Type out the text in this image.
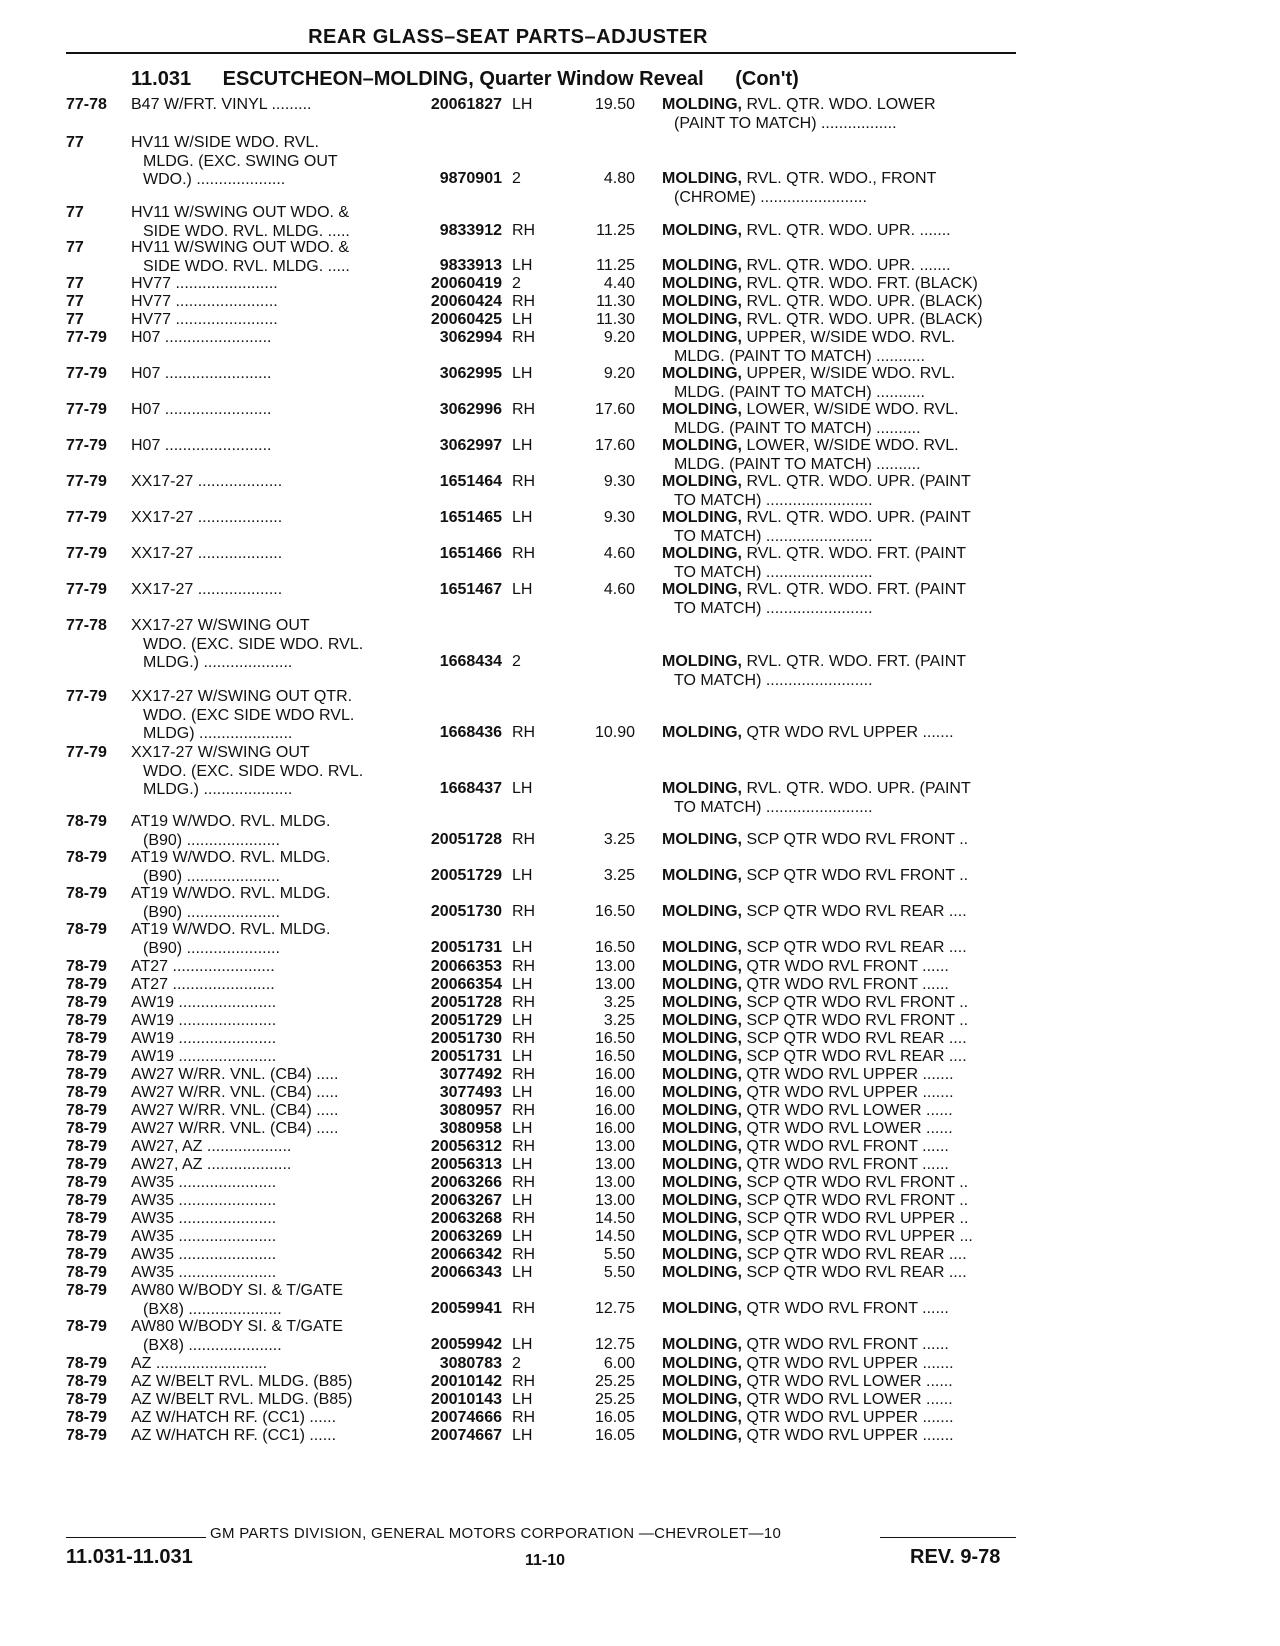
REAR GLASS–SEAT PARTS–ADJUSTER
11.031 ESCUTCHEON–MOLDING, Quarter Window Reveal (Con't)
77-78 B47 W/FRT. VINYL .........	20061827 LH	19.50 MOLDING, RVL. QTR. WDO. LOWER
(PAINT TO MATCH) .................
77	HV11 W/SIDE WDO. RVL.
MLDG. (EXC. SWING OUT
WDO.) ....................	9870901 2	4.80 MOLDING, RVL. QTR. WDO., FRONT
(CHROME) ........................
77	HV11 W/SWING OUT WDO. &
SIDE WDO. RVL. MLDG. .....	9833912 RH	11.25 MOLDING, RVL. QTR. WDO. UPR. .......
77	HV11 W/SWING OUT WDO. &
SIDE WDO. RVL. MLDG. .....	9833913 LH	11.25 MOLDING, RVL. QTR. WDO. UPR. .......
77	HV77 .......................	20060419 2	4.40 MOLDING, RVL. QTR. WDO. FRT. (BLACK)
77	HV77 .......................	20060424 RH	11.30 MOLDING, RVL. QTR. WDO. UPR. (BLACK)
77	HV77 .......................	20060425 LH	11.30 MOLDING, RVL. QTR. WDO. UPR. (BLACK)
77-79 H07 ........................	3062994 RH	9.20 MOLDING, UPPER, W/SIDE WDO. RVL.
MLDG. (PAINT TO MATCH) ...........
77-79 H07 ........................	3062995 LH	9.20 MOLDING, UPPER, W/SIDE WDO. RVL.
MLDG. (PAINT TO MATCH) ...........
77-79 H07 ........................	3062996 RH	17.60 MOLDING, LOWER, W/SIDE WDO. RVL.
MLDG. (PAINT TO MATCH) ..........
77-79 H07 ........................	3062997 LH	17.60 MOLDING, LOWER, W/SIDE WDO. RVL.
MLDG. (PAINT TO MATCH) ..........
77-79 XX17-27 ...................	1651464 RH	9.30 MOLDING, RVL. QTR. WDO. UPR. (PAINT
TO MATCH) ........................
77-79 XX17-27 ...................	1651465 LH	9.30 MOLDING, RVL. QTR. WDO. UPR. (PAINT
TO MATCH) ........................
77-79 XX17-27 ...................	1651466 RH	4.60 MOLDING, RVL. QTR. WDO. FRT. (PAINT
TO MATCH) ........................
77-79 XX17-27 ...................	1651467 LH	4.60 MOLDING, RVL. QTR. WDO. FRT. (PAINT
TO MATCH) ........................
77-78 XX17-27 W/SWING OUT
WDO. (EXC. SIDE WDO. RVL.
MLDG.) ....................	1668434 2	MOLDING, RVL. QTR. WDO. FRT. (PAINT
TO MATCH) ........................
77-79 XX17-27 W/SWING OUT QTR.
WDO. (EXC SIDE WDO RVL.
MLDG) .....................	1668436 RH	10.90 MOLDING, QTR WDO RVL UPPER .......
77-79 XX17-27 W/SWING OUT
WDO. (EXC. SIDE WDO. RVL.
MLDG.) ....................	1668437 LH	MOLDING, RVL. QTR. WDO. UPR. (PAINT
TO MATCH) ........................
78-79 AT19 W/WDO. RVL. MLDG.
(B90) .....................	20051728 RH	3.25 MOLDING, SCP QTR WDO RVL FRONT ..
78-79 AT19 W/WDO. RVL. MLDG.
(B90) .....................	20051729 LH	3.25 MOLDING, SCP QTR WDO RVL FRONT ..
78-79 AT19 W/WDO. RVL. MLDG.
(B90) .....................	20051730 RH	16.50 MOLDING, SCP QTR WDO RVL REAR ....
78-79 AT19 W/WDO. RVL. MLDG.
(B90) .....................	20051731 LH	16.50 MOLDING, SCP QTR WDO RVL REAR ....
78-79 AT27 .......................	20066353 RH	13.00 MOLDING, QTR WDO RVL FRONT ......
78-79 AT27 .......................	20066354 LH	13.00 MOLDING, QTR WDO RVL FRONT ......
78-79 AW19 ......................	20051728 RH	3.25 MOLDING, SCP QTR WDO RVL FRONT ..
78-79 AW19 ......................	20051729 LH	3.25 MOLDING, SCP QTR WDO RVL FRONT ..
78-79 AW19 ......................	20051730 RH	16.50 MOLDING, SCP QTR WDO RVL REAR ....
78-79 AW19 ......................	20051731 LH	16.50 MOLDING, SCP QTR WDO RVL REAR ....
78-79 AW27 W/RR. VNL. (CB4) .....	3077492 RH	16.00 MOLDING, QTR WDO RVL UPPER .......
78-79 AW27 W/RR. VNL. (CB4) .....	3077493 LH	16.00 MOLDING, QTR WDO RVL UPPER .......
78-79 AW27 W/RR. VNL. (CB4) .....	3080957 RH	16.00 MOLDING, QTR WDO RVL LOWER ......
78-79 AW27 W/RR. VNL. (CB4) .....	3080958 LH	16.00 MOLDING, QTR WDO RVL LOWER ......
78-79 AW27, AZ ...................	20056312 RH	13.00 MOLDING, QTR WDO RVL FRONT ......
78-79 AW27, AZ ...................	20056313 LH	13.00 MOLDING, QTR WDO RVL FRONT ......
78-79 AW35 ......................	20063266 RH	13.00 MOLDING, SCP QTR WDO RVL FRONT ..
78-79 AW35 ......................	20063267 LH	13.00 MOLDING, SCP QTR WDO RVL FRONT ..
78-79 AW35 ......................	20063268 RH	14.50 MOLDING, SCP QTR WDO RVL UPPER ..
78-79 AW35 ......................	20063269 LH	14.50 MOLDING, SCP QTR WDO RVL UPPER ...
78-79 AW35 ......................	20066342 RH	5.50 MOLDING, SCP QTR WDO RVL REAR ....
78-79 AW35 ......................	20066343 LH	5.50 MOLDING, SCP QTR WDO RVL REAR ....
78-79 AW80 W/BODY SI. & T/GATE
(BX8) .....................	20059941 RH	12.75 MOLDING, QTR WDO RVL FRONT ......
78-79 AW80 W/BODY SI. & T/GATE
(BX8) .....................	20059942 LH	12.75 MOLDING, QTR WDO RVL FRONT ......
78-79 AZ .........................	3080783 2	6.00 MOLDING, QTR WDO RVL UPPER .......
78-79 AZ W/BELT RVL. MLDG. (B85)	20010142 RH	25.25 MOLDING, QTR WDO RVL LOWER ......
78-79 AZ W/BELT RVL. MLDG. (B85)	20010143 LH	25.25 MOLDING, QTR WDO RVL LOWER ......
78-79 AZ W/HATCH RF. (CC1) ......	20074666 RH	16.05 MOLDING, QTR WDO RVL UPPER .......
78-79 AZ W/HATCH RF. (CC1) ......	20074667 LH	16.05 MOLDING, QTR WDO RVL UPPER .......
GM PARTS DIVISION, GENERAL MOTORS CORPORATION —CHEVROLET—10
11.031-11.031	11-10	REV. 9-78
